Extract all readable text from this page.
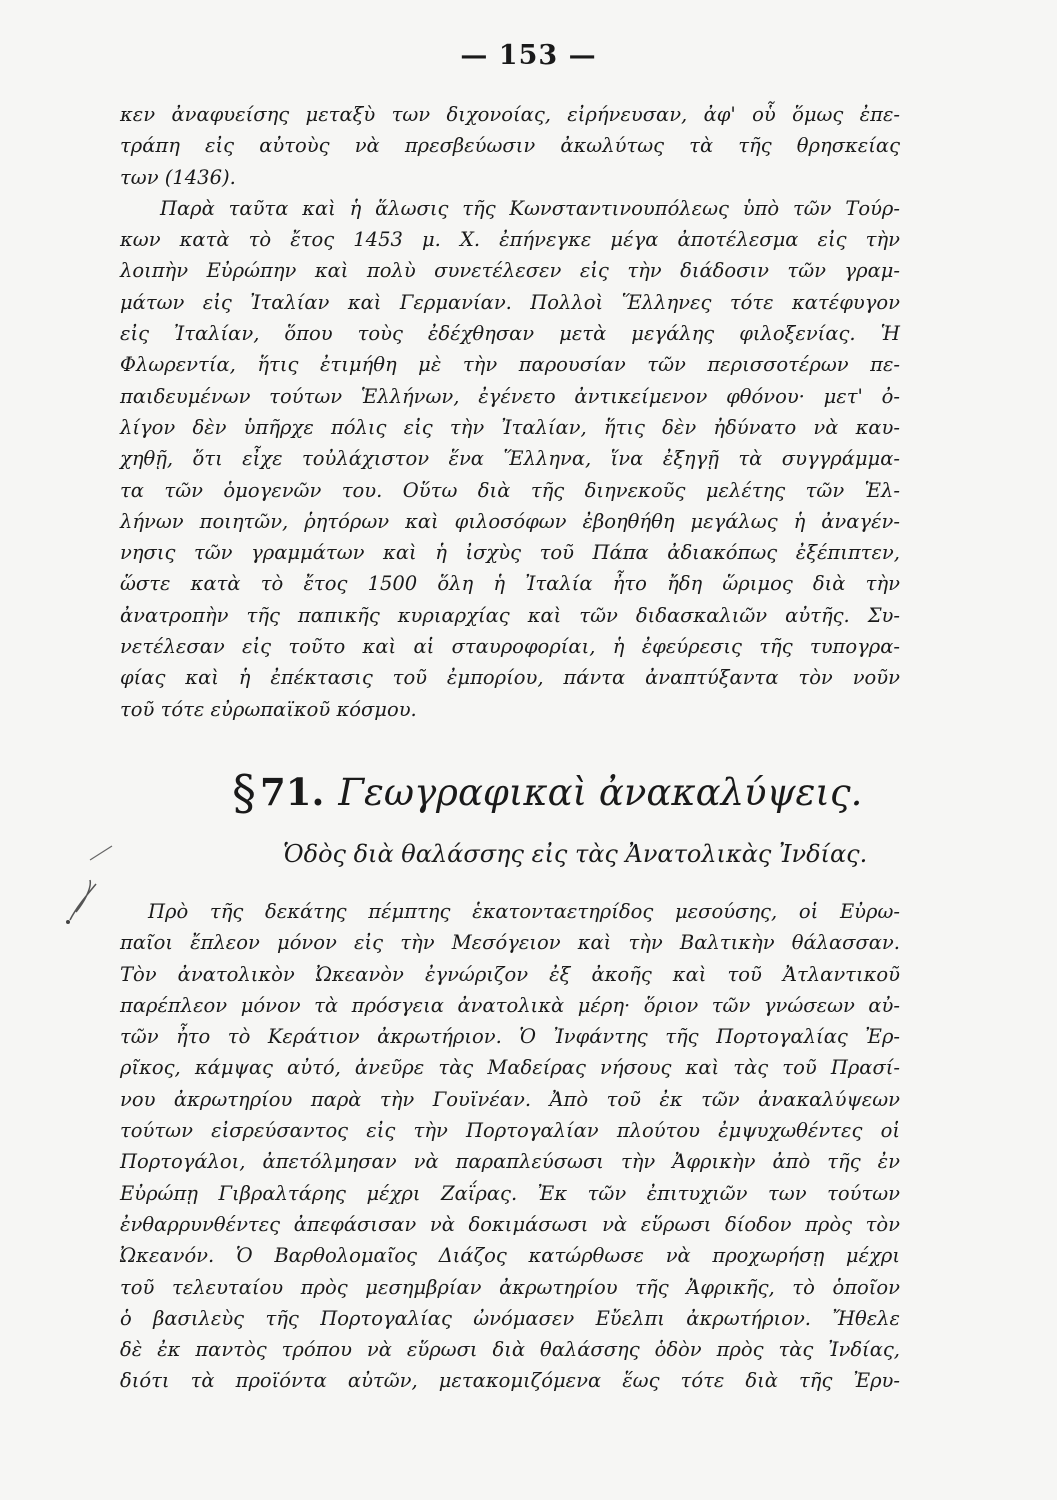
— 153 —
κεν ἀναφυείσης μεταξὺ των διχονοίας, εἰρήνευσαν, ἀφ' οὗ ὅμως ἐπε-
τράπη εἰς αὐτοὺς νὰ πρεσβεύωσιν ἀκωλύτως τὰ τῆς θρησκείας
των (1436).
Παρὰ ταῦτα καὶ ἡ ἅλωσις τῆς Κωνσταντινουπόλεως ὑπὸ τῶν Τούρ-
κων κατὰ τὸ ἔτος 1453 μ. Χ. ἐπήνεγκε μέγα ἀποτέλεσμα εἰς τὴν
λοιπὴν Εὐρώπην καὶ πολὺ συνετέλεσεν εἰς τὴν διάδοσιν τῶν γραμ-
μάτων εἰς Ἰταλίαν καὶ Γερμανίαν. Πολλοὶ Ἕλληνες τότε κατέφυγον
εἰς Ἰταλίαν, ὅπου τοὺς ἐδέχθησαν μετὰ μεγάλης φιλοξενίας. Ἡ
Φλωρεντία, ἥτις ἐτιμήθη μὲ τὴν παρουσίαν τῶν περισσοτέρων πε-
παιδευμένων τούτων Ἑλλήνων, ἐγένετο ἀντικείμενον φθόνου· μετ' ὀ-
λίγον δὲν ὑπῆρχε πόλις εἰς τὴν Ἰταλίαν, ἥτις δὲν ἠδύνατο νὰ καυ-
χηθῇ, ὅτι εἶχε τοὐλάχιστον ἕνα Ἕλληνα, ἵνα ἐξηγῇ τὰ συγγράμμα-
τα τῶν ὁμογενῶν του. Οὕτω διὰ τῆς διηνεκοῦς μελέτης τῶν Ἑλ-
λήνων ποιητῶν, ῥητόρων καὶ φιλοσόφων ἐβοηθήθη μεγάλως ἡ ἀναγέν-
νησις τῶν γραμμάτων καὶ ἡ ἰσχὺς τοῦ Πάπα ἀδιακόπως ἐξέπιπτεν,
ὥστε κατὰ τὸ ἔτος 1500 ὅλη ἡ Ἰταλία ἦτο ἤδη ὥριμος διὰ τὴν
ἀνατροπὴν τῆς παπικῆς κυριαρχίας καὶ τῶν διδασκαλιῶν αὐτῆς. Συ-
νετέλεσαν εἰς τοῦτο καὶ αἱ σταυροφορίαι, ἡ ἐφεύρεσις τῆς τυπογρα-
φίας καὶ ἡ ἐπέκτασις τοῦ ἐμπορίου, πάντα ἀναπτύξαντα τὸν νοῦν
τοῦ τότε εὐρωπαϊκοῦ κόσμου.
§ 71. Γεωγραφικαὶ ἀνακαλύψεις.
Ὁδὸς διὰ θαλάσσης εἰς τὰς Ἀνατολικὰς Ἰνδίας.
Πρὸ τῆς δεκάτης πέμπτης ἑκατονταετηρίδος μεσούσης, οἱ Εὐρω-
παῖοι ἔπλεον μόνον εἰς τὴν Μεσόγειον καὶ τὴν Βαλτικὴν θάλασσαν.
Τὸν ἀνατολικὸν Ὠκεανὸν ἐγνώριζον ἐξ ἀκοῆς καὶ τοῦ Ἀτλαντικοῦ
παρέπλεον μόνον τὰ πρόσγεια ἀνατολικὰ μέρη· ὅριον τῶν γνώσεων αὐ-
τῶν ἦτο τὸ Κεράτιον ἀκρωτήριον. Ὁ Ἰνφάντης τῆς Πορτογαλίας Ἐρ-
ρῖκος, κάμψας αὐτό, ἀνεῦρε τὰς Μαδείρας νήσους καὶ τὰς τοῦ Πρασί-
νου ἀκρωτηρίου παρὰ τὴν Γουϊνέαν. Ἀπὸ τοῦ ἐκ τῶν ἀνακαλύψεων
τούτων εἰσρεύσαντος εἰς τὴν Πορτογαλίαν πλούτου ἐμψυχωθέντες οἱ
Πορτογάλοι, ἀπετόλμησαν νὰ παραπλεύσωσι τὴν Ἀφρικὴν ἀπὸ τῆς ἐν
Εὐρώπῃ Γιβραλτάρης μέχρι Ζαΐρας. Ἐκ τῶν ἐπιτυχιῶν των τούτων
ἐνθαρρυνθέντες ἀπεφάσισαν νὰ δοκιμάσωσι νὰ εὕρωσι δίοδον πρὸς τὸν
Ὠκεανόν. Ὁ Βαρθολομαῖος Διάζος κατώρθωσε νὰ προχωρήσῃ μέχρι
τοῦ τελευταίου πρὸς μεσημβρίαν ἀκρωτηρίου τῆς Ἀφρικῆς, τὸ ὁποῖον
ὁ βασιλεὺς τῆς Πορτογαλίας ὠνόμασεν Εὔελπι ἀκρωτήριον. Ἤθελε
δὲ ἐκ παντὸς τρόπου νὰ εὕρωσι διὰ θαλάσσης ὁδὸν πρὸς τὰς Ἰνδίας,
διότι τὰ προϊόντα αὐτῶν, μετακομιζόμενα ἕως τότε διὰ τῆς Ἐρυ-
